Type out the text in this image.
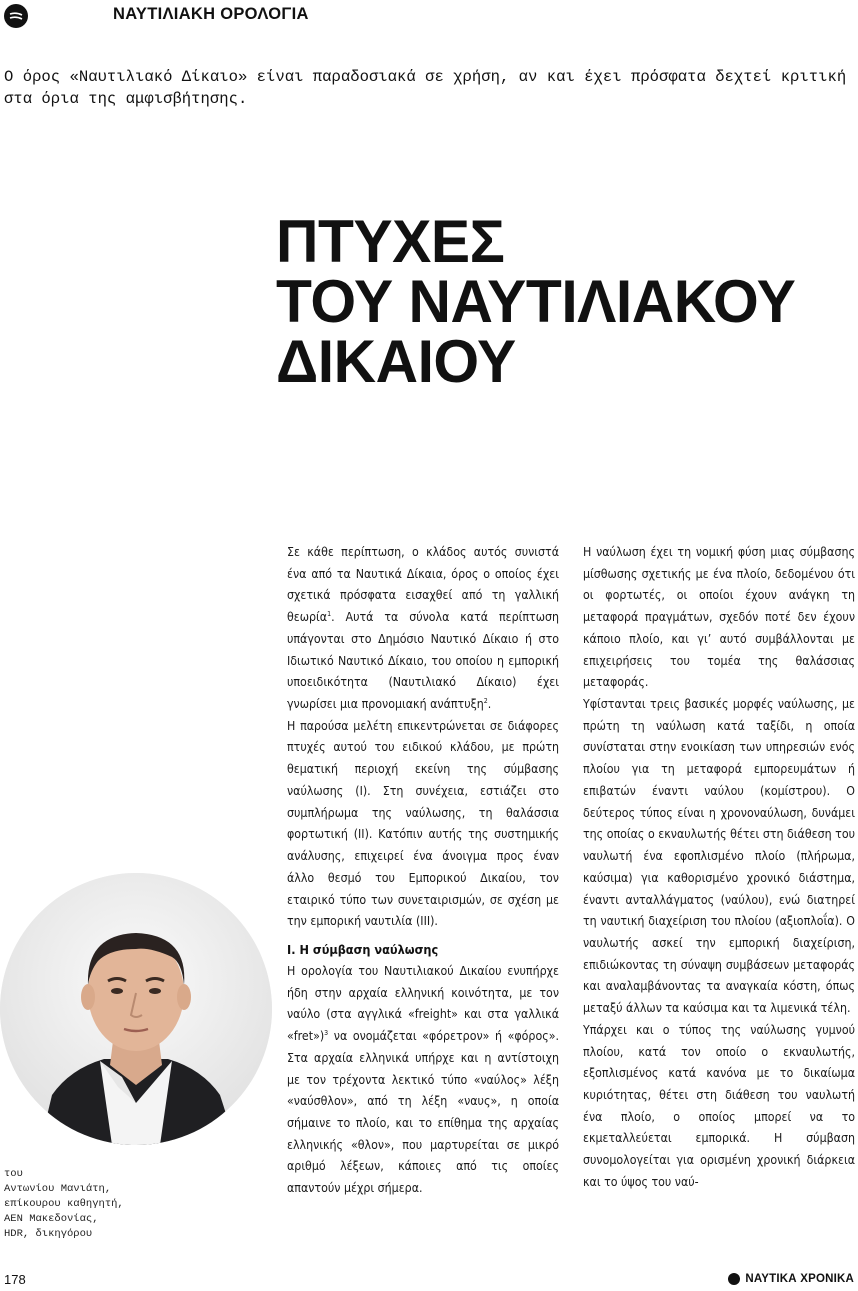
ΝΑΥΤΙΛΙΑΚΗ ΟΡΟΛΟΓΙΑ

Ο όρος «Ναυτιλιακό Δίκαιο» είναι παραδοσιακά σε χρήση, αν και έχει πρόσφατα δεχτεί κριτική στα όρια της αμφισβήτησης.

ΠΤΥΧΕΣ
ΤΟΥ ΝΑΥΤΙΛΙΑΚΟΥ
ΔΙΚΑΙΟΥ
του
Αντωνίου Μανιάτη,
επίκουρου καθηγητή,
ΑΕΝ Μακεδονίας,
HDR, δικηγόρου

Σε κάθε περίπτωση, ο κλάδος αυτός συνιστά ένα από τα Ναυτικά Δίκαια, όρος ο οποίος έχει σχετικά πρόσφατα εισαχθεί από τη γαλλική θεωρία$^1$. Αυτά τα σύνολα κατά περίπτωση υπάγονται στο Δημόσιο Ναυτικό Δίκαιο ή στο Ιδιωτικό Ναυτικό Δίκαιο, του οποίου η εμπορική υποειδικότητα (Ναυτιλιακό Δίκαιο) έχει γνωρίσει μια προνομιακή ανάπτυξη$^2$.

Η παρούσα μελέτη επικεντρώνεται σε διάφορες πτυχές αυτού του ειδικού κλάδου, με πρώτη θεματική περιοχή εκείνη της σύμβασης ναύλωσης (I). Στη συνέχεια, εστιάζει στο συμπλήρωμα της ναύλωσης, τη θαλάσσια φορτωτική (II). Κατόπιν αυτής της συστημικής ανάλυσης, επιχειρεί ένα άνοιγμα προς έναν άλλο θεσμό του Εμπορικού Δικαίου, τον εταιρικό τύπο των συνεταιρισμών, σε σχέση με την εμπορική ναυτιλία (III).

I. Η σύμβαση ναύλωσης

Η ορολογία του Ναυτιλιακού Δικαίου ενυπήρχε ήδη στην αρχαία ελληνική κοινότητα, με τον ναύλο (στα αγγλικά «freight» και στα γαλλικά «fret»)$^3$ να ονομάζεται «φόρετρον» ή «φόρος». Στα αρχαία ελληνικά υπήρχε και η αντίστοιχη με τον τρέχοντα λεκτικό τύπο «ναύλος» λέξη «ναύσθλον», από τη λέξη «ναυς», η οποία σήμαινε το πλοίο, και το επίθημα της αρχαίας ελληνικής «θλον», που μαρτυρείται σε μικρό αριθμό λέξεων, κάποιες από τις οποίες απαντούν μέχρι σήμερα.

Η ναύλωση έχει τη νομική φύση μιας σύμβασης μίσθωσης σχετικής με ένα πλοίο, δεδομένου ότι οι φορτωτές, οι οποίοι έχουν ανάγκη τη μεταφορά πραγμάτων, σχεδόν ποτέ δεν έχουν κάποιο πλοίο, και γι’ αυτό συμβάλλονται με επιχειρήσεις του τομέα της θαλάσσιας μεταφοράς.

Υφίστανται τρεις βασικές μορφές ναύλωσης, με πρώτη τη ναύλωση κατά ταξίδι, η οποία συνίσταται στην ενοικίαση των υπηρεσιών ενός πλοίου για τη μεταφορά εμπορευμάτων ή επιβατών έναντι ναύλου (κομίστρου). Ο δεύτερος τύπος είναι η χρονοναύλωση, δυνάμει της οποίας ο εκναυλωτής θέτει στη διάθεση του ναυλωτή ένα εφοπλισμένο πλοίο (πλήρωμα, καύσιμα) για καθορισμένο χρονικό διάστημα, έναντι ανταλλάγματος (ναύλου), ενώ διατηρεί τη ναυτική διαχείριση του πλοίου (αξιοπλοΐα). Ο ναυλωτής ασκεί την εμπορική διαχείριση, επιδιώκοντας τη σύναψη συμβάσεων μεταφοράς και αναλαμβάνοντας τα αναγκαία κόστη, όπως μεταξύ άλλων τα καύσιμα και τα λιμενικά τέλη.

Υπάρχει και ο τύπος της ναύλωσης γυμνού πλοίου, κατά τον οποίο ο εκναυλωτής, εξοπλισμένος κατά κανόνα με το δικαίωμα κυριότητας, θέτει στη διάθεση του ναυλωτή ένα πλοίο, ο οποίος μπορεί να το εκμεταλλεύεται εμπορικά. Η σύμβαση συνομολογείται για ορισμένη χρονική διάρκεια και το ύψος του ναύ-

178	ΝΑΥΤΙΚΑ ΧΡΟΝΙΚΑ
